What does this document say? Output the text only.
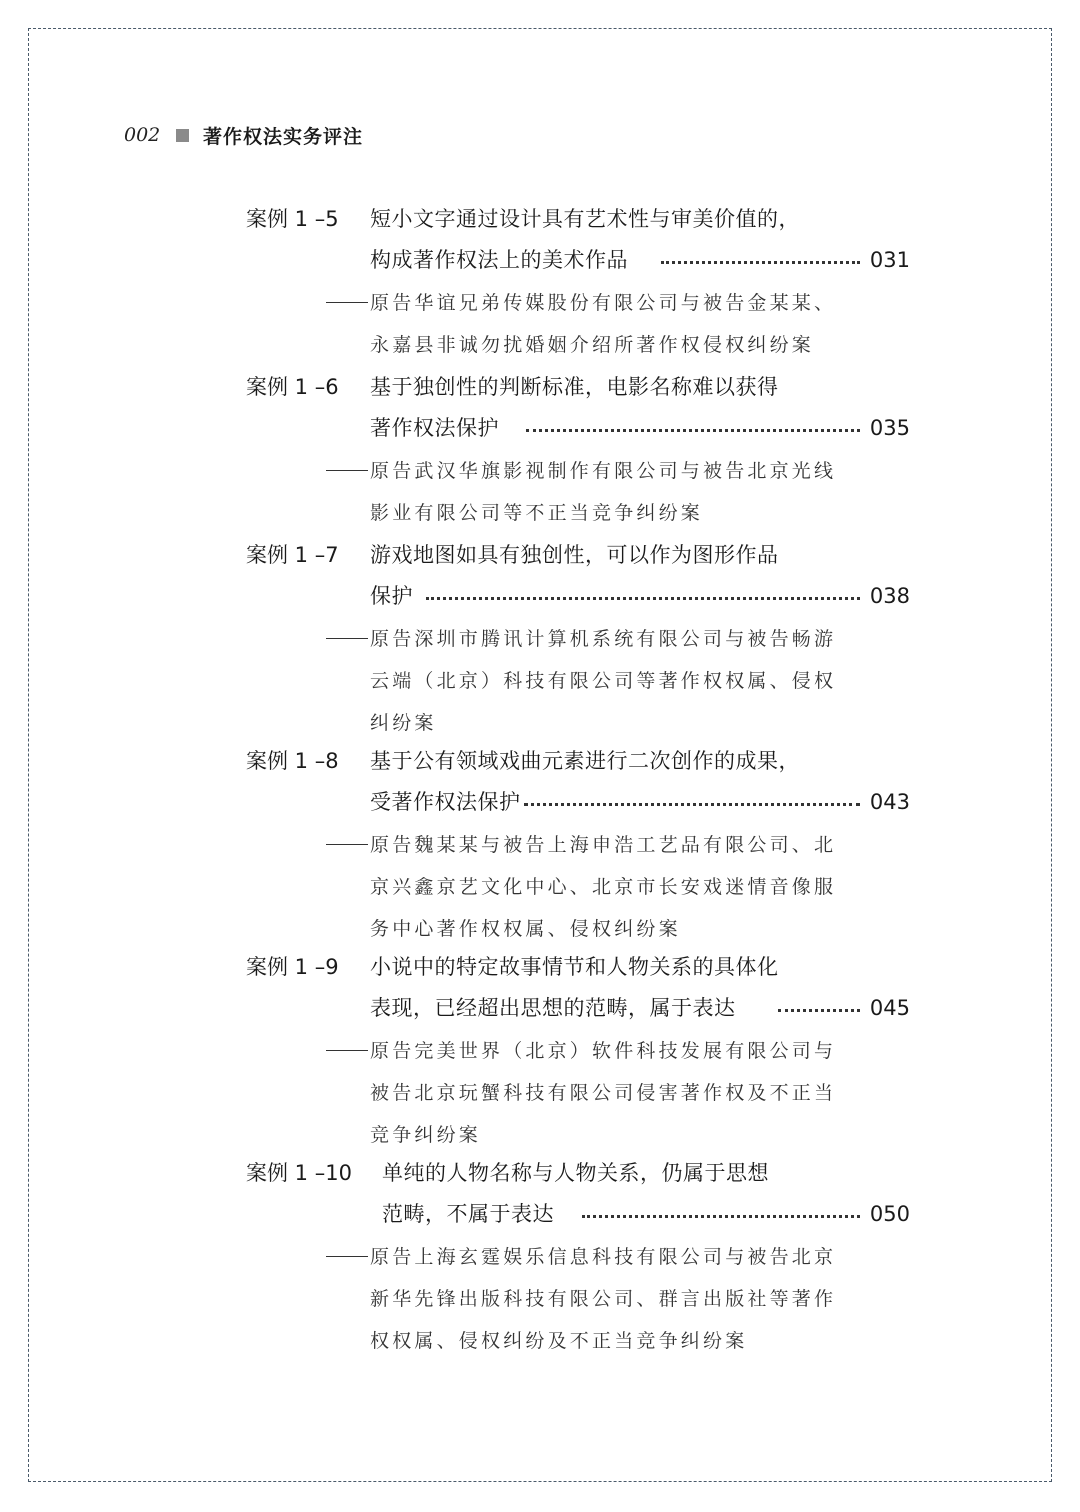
002	著作权法实务评注
案例 1 –5 短小文字通过设计具有艺术性与审美价值的，
构成著作权法上的美术作品	031
原告华谊兄弟传媒股份有限公司与被告金某某、
永嘉县非诚勿扰婚姻介绍所著作权侵权纠纷案
案例 1 –6 基于独创性的判断标准，电影名称难以获得
著作权法保护	035
原告武汉华旗影视制作有限公司与被告北京光线
影业有限公司等不正当竞争纠纷案
案例 1 –7 游戏地图如具有独创性，可以作为图形作品
保护	038
原告深圳市腾讯计算机系统有限公司与被告畅游
云端（北京）科技有限公司等著作权权属、侵权
纠纷案
案例 1 –8 基于公有领域戏曲元素进行二次创作的成果，
受著作权法保护	043
原告魏某某与被告上海申浩工艺品有限公司、北
京兴鑫京艺文化中心、北京市长安戏迷情音像服
务中心著作权权属、侵权纠纷案
案例 1 –9 小说中的特定故事情节和人物关系的具体化
表现，已经超出思想的范畴，属于表达	045
原告完美世界（北京）软件科技发展有限公司与
被告北京玩蟹科技有限公司侵害著作权及不正当
竞争纠纷案
案例 1 –10 单纯的人物名称与人物关系，仍属于思想
范畴，不属于表达	050
原告上海玄霆娱乐信息科技有限公司与被告北京
新华先锋出版科技有限公司、群言出版社等著作
权权属、侵权纠纷及不正当竞争纠纷案
